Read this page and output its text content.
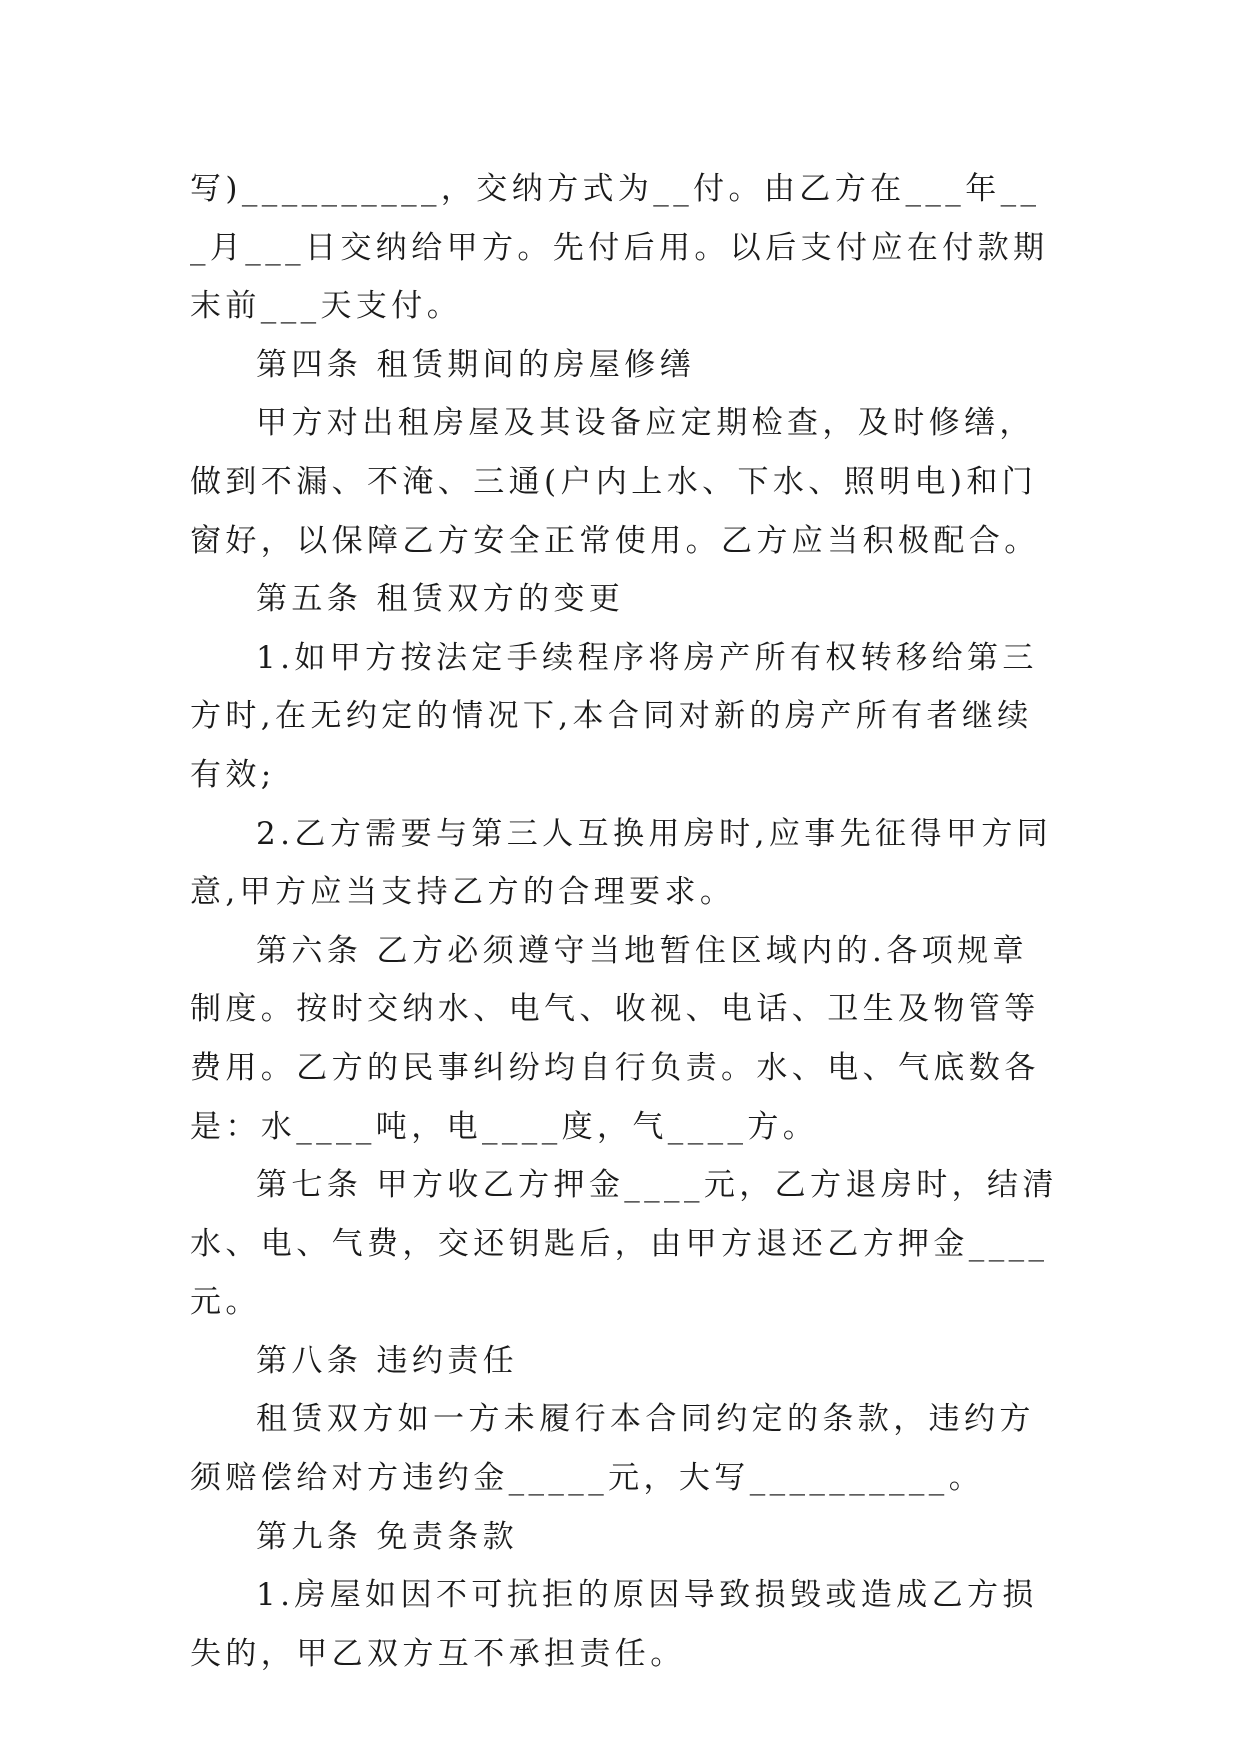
写)__________，交纳方式为__付。由乙方在___年___月___日交纳给甲方。先付后用。以后支付应在付款期末前___天支付。

第四条 租赁期间的房屋修缮

甲方对出租房屋及其设备应定期检查，及时修缮，做到不漏、不淹、三通(户内上水、下水、照明电)和门窗好，以保障乙方安全正常使用。乙方应当积极配合。

第五条 租赁双方的变更

1.如甲方按法定手续程序将房产所有权转移给第三方时,在无约定的情况下,本合同对新的房产所有者继续有效;

2.乙方需要与第三人互换用房时,应事先征得甲方同意,甲方应当支持乙方的合理要求。

第六条 乙方必须遵守当地暂住区域内的.各项规章制度。按时交纳水、电气、收视、电话、卫生及物管等费用。乙方的民事纠纷均自行负责。水、电、气底数各是：水____吨，电____度，气____方。

第七条 甲方收乙方押金____元，乙方退房时，结清水、电、气费，交还钥匙后，由甲方退还乙方押金____元。

第八条 违约责任

租赁双方如一方未履行本合同约定的条款，违约方须赔偿给对方违约金_____元，大写__________。

第九条 免责条款

1.房屋如因不可抗拒的原因导致损毁或造成乙方损失的，甲乙双方互不承担责任。
